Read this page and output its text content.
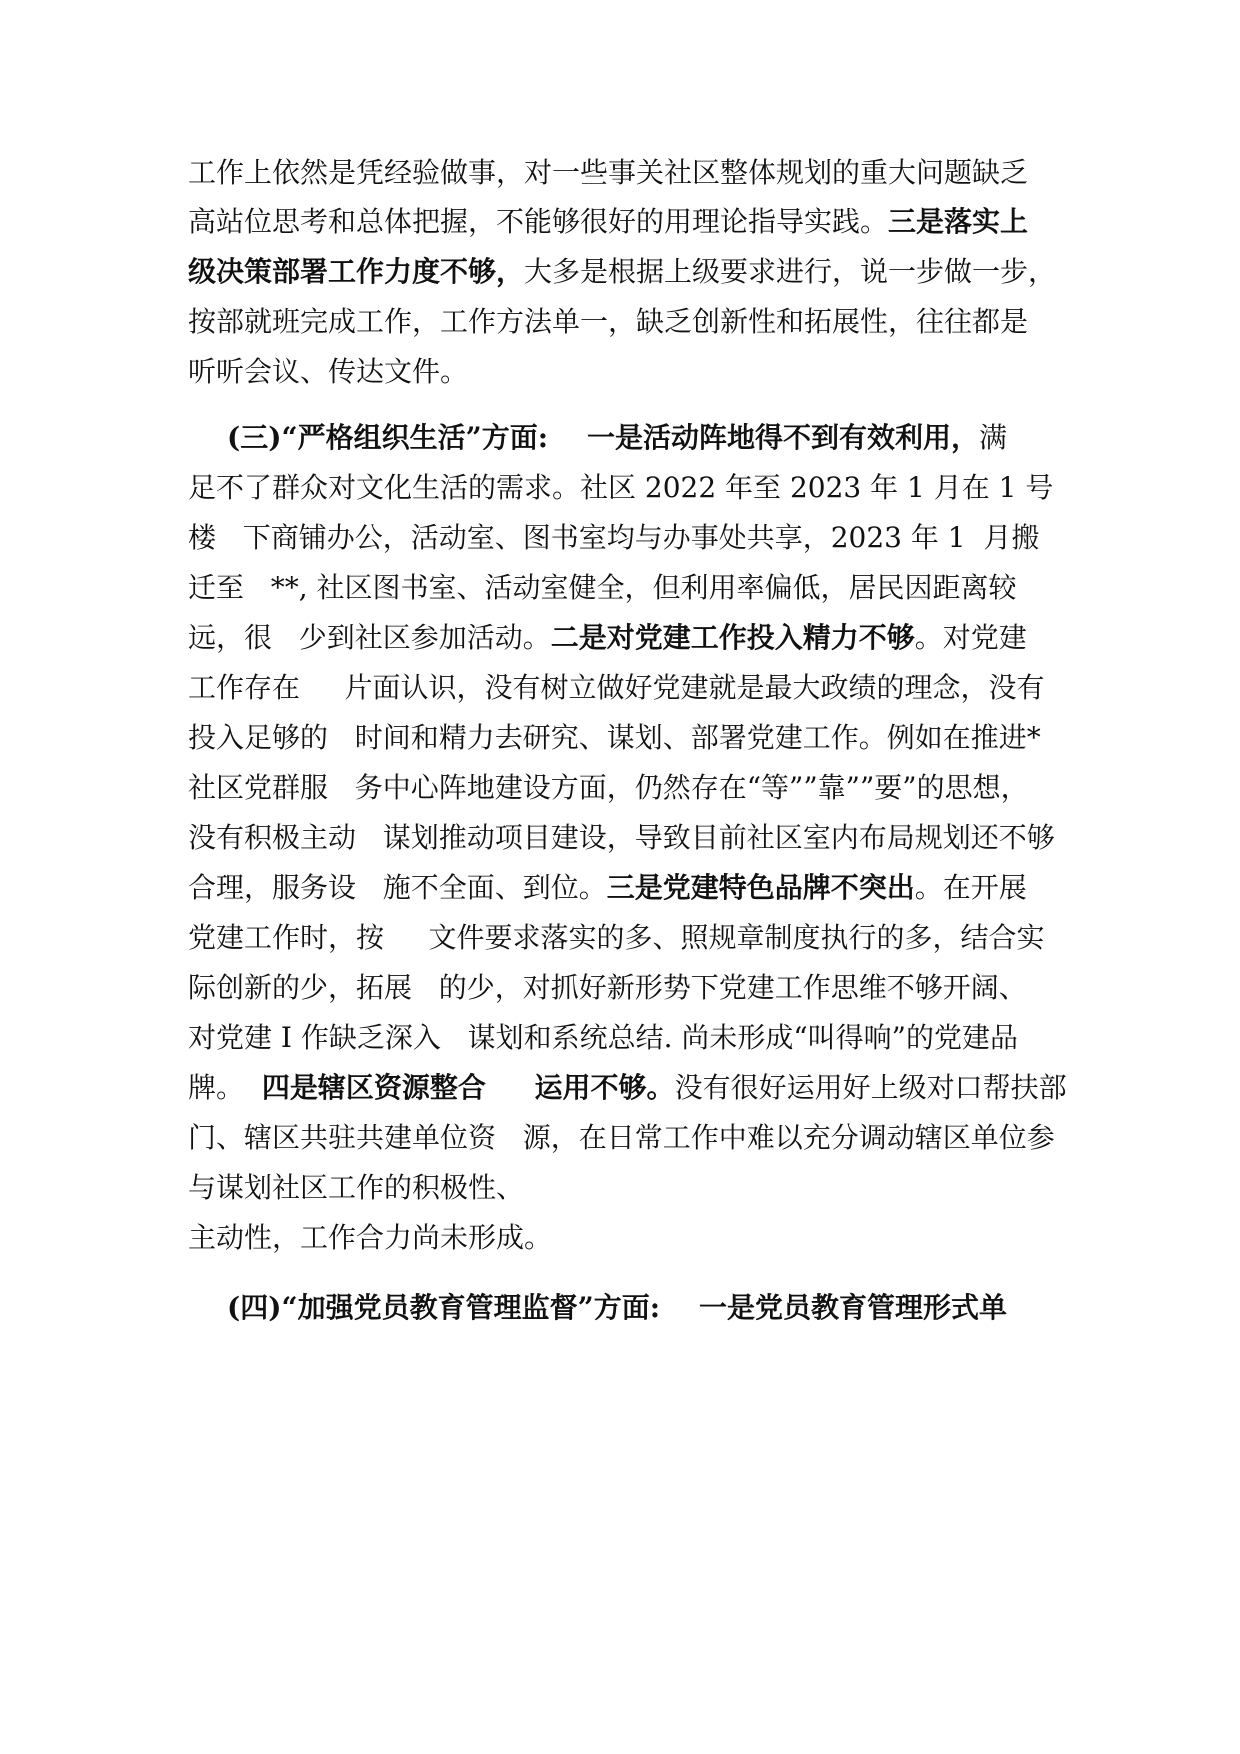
工作上依然是凭经验做事，对一些事关社区整体规划的重大问题缺乏
高站位思考和总体把握，不能够很好的用理论指导实践。三是落实上
级决策部署工作力度不够，大多是根据上级要求进行，说一步做一步，
按部就班完成工作，工作方法单一，缺乏创新性和拓展性，往往都是
听听会议、传达文件。
(三)“严格组织生活”方面:    一是活动阵地得不到有效利用，满
足不了群众对文化生活的需求。社区 2022 年至 2023 年 1 月在 1 号
楼   下商铺办公，活动室、图书室均与办事处共享，2023 年 1  月搬
迁至   **, 社区图书室、活动室健全，但利用率偏低，居民因距离较
远，很   少到社区参加活动。二是对党建工作投入精力不够。对党建
工作存在     片面认识，没有树立做好党建就是最大政绩的理念，没有
投入足够的   时间和精力去研究、谋划、部署党建工作。例如在推进*
社区党群服   务中心阵地建设方面，仍然存在“等””靠””要”的思想，
没有积极主动   谋划推动项目建设，导致目前社区室内布局规划还不够
合理，服务设   施不全面、到位。三是党建特色品牌不突出。在开展
党建工作时，按     文件要求落实的多、照规章制度执行的多，结合实
际创新的少，拓展   的少，对抓好新形势下党建工作思维不够开阔、
对党建 I 作缺乏深入   谋划和系统总结. 尚未形成“叫得响”的党建品
牌。  四是辖区资源整合     运用不够。没有很好运用好上级对口帮扶部
门、辖区共驻共建单位资   源，在日常工作中难以充分调动辖区单位参
与谋划社区工作的积极性、
主动性，工作合力尚未形成。
(四)“加强党员教育管理监督”方面:    一是党员教育管理形式单
